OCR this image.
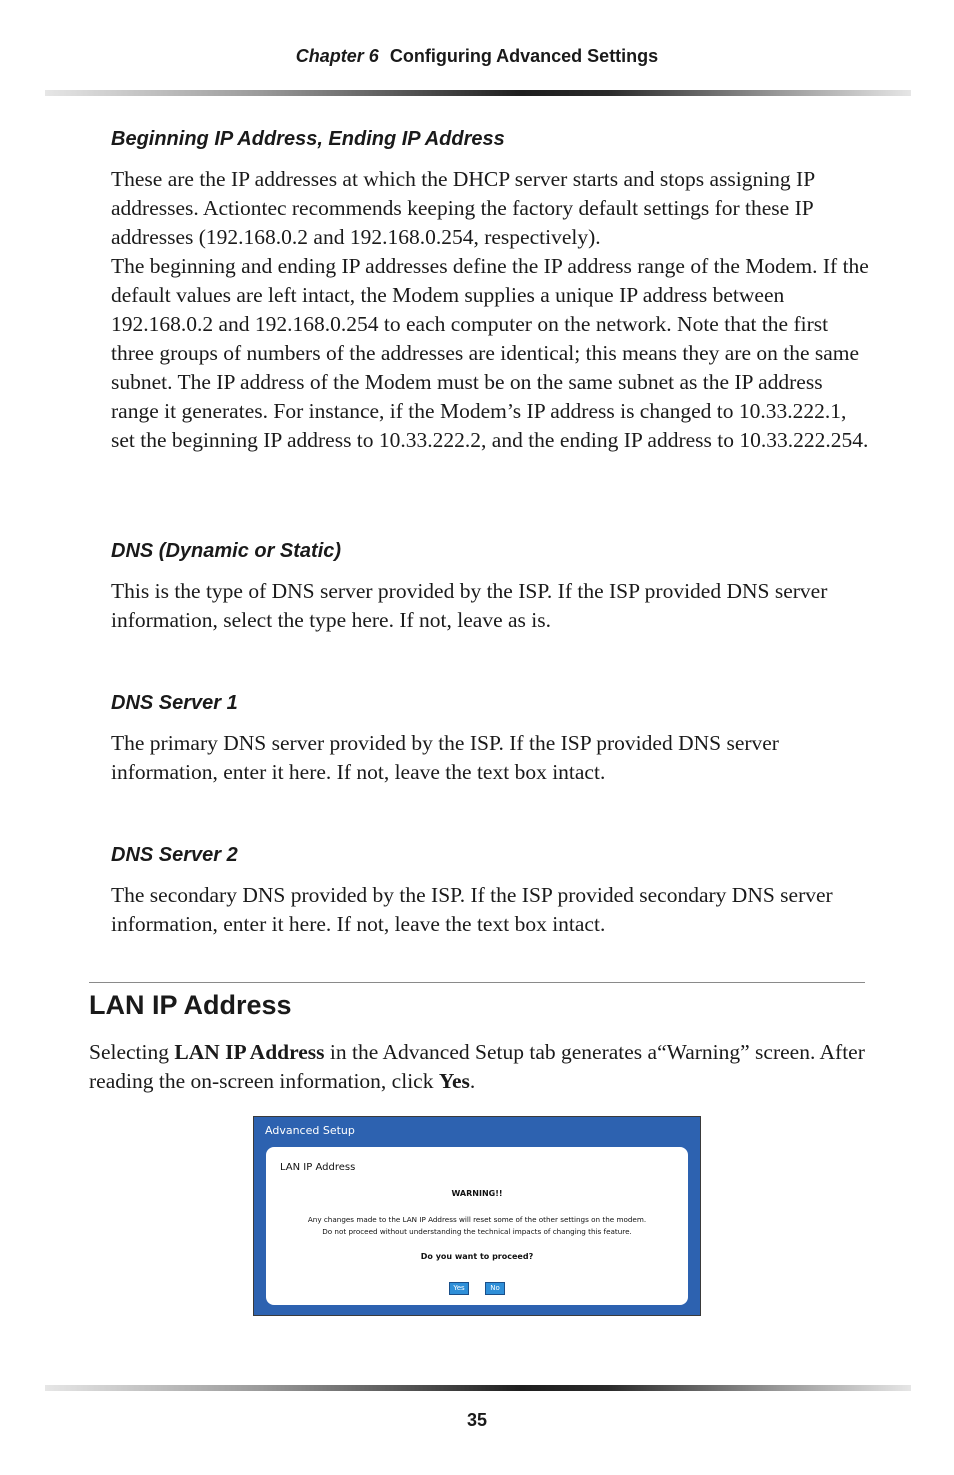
Chapter 6 Configuring Advanced Settings
Beginning IP Address, Ending IP Address

These are the IP addresses at which the DHCP server starts and stops assigning IP addresses. Actiontec recommends keeping the factory default settings for these IP addresses (192.168.0.2 and 192.168.0.254, respectively).

The beginning and ending IP addresses define the IP address range of the Modem. If the default values are left intact, the Modem supplies a unique IP address between 192.168.0.2 and 192.168.0.254 to each computer on the network. Note that the first three groups of numbers of the addresses are identical; this means they are on the same subnet. The IP address of the Modem must be on the same subnet as the IP address range it generates. For instance, if the Modem’s IP address is changed to 10.33.222.1, set the beginning IP address to 10.33.222.2, and the ending IP address to 10.33.222.254.

DNS (Dynamic or Static)

This is the type of DNS server provided by the ISP. If the ISP provided DNS server information, select the type here. If not, leave as is.

DNS Server 1

The primary DNS server provided by the ISP. If the ISP provided DNS server information, enter it here. If not, leave the text box intact.

DNS Server 2

The secondary DNS provided by the ISP. If the ISP provided secondary DNS server information, enter it here. If not, leave the text box intact.

LAN IP Address

Selecting LAN IP Address in the Advanced Setup tab generates a“Warning” screen. After reading the on-screen information, click Yes.

Advanced Setup
LAN IP Address
WARNING!!
Any changes made to the LAN IP Address will reset some of the other settings on the modem.
Do not proceed without understanding the technical impacts of changing this feature.
Do you want to proceed?
Yes	No
35
